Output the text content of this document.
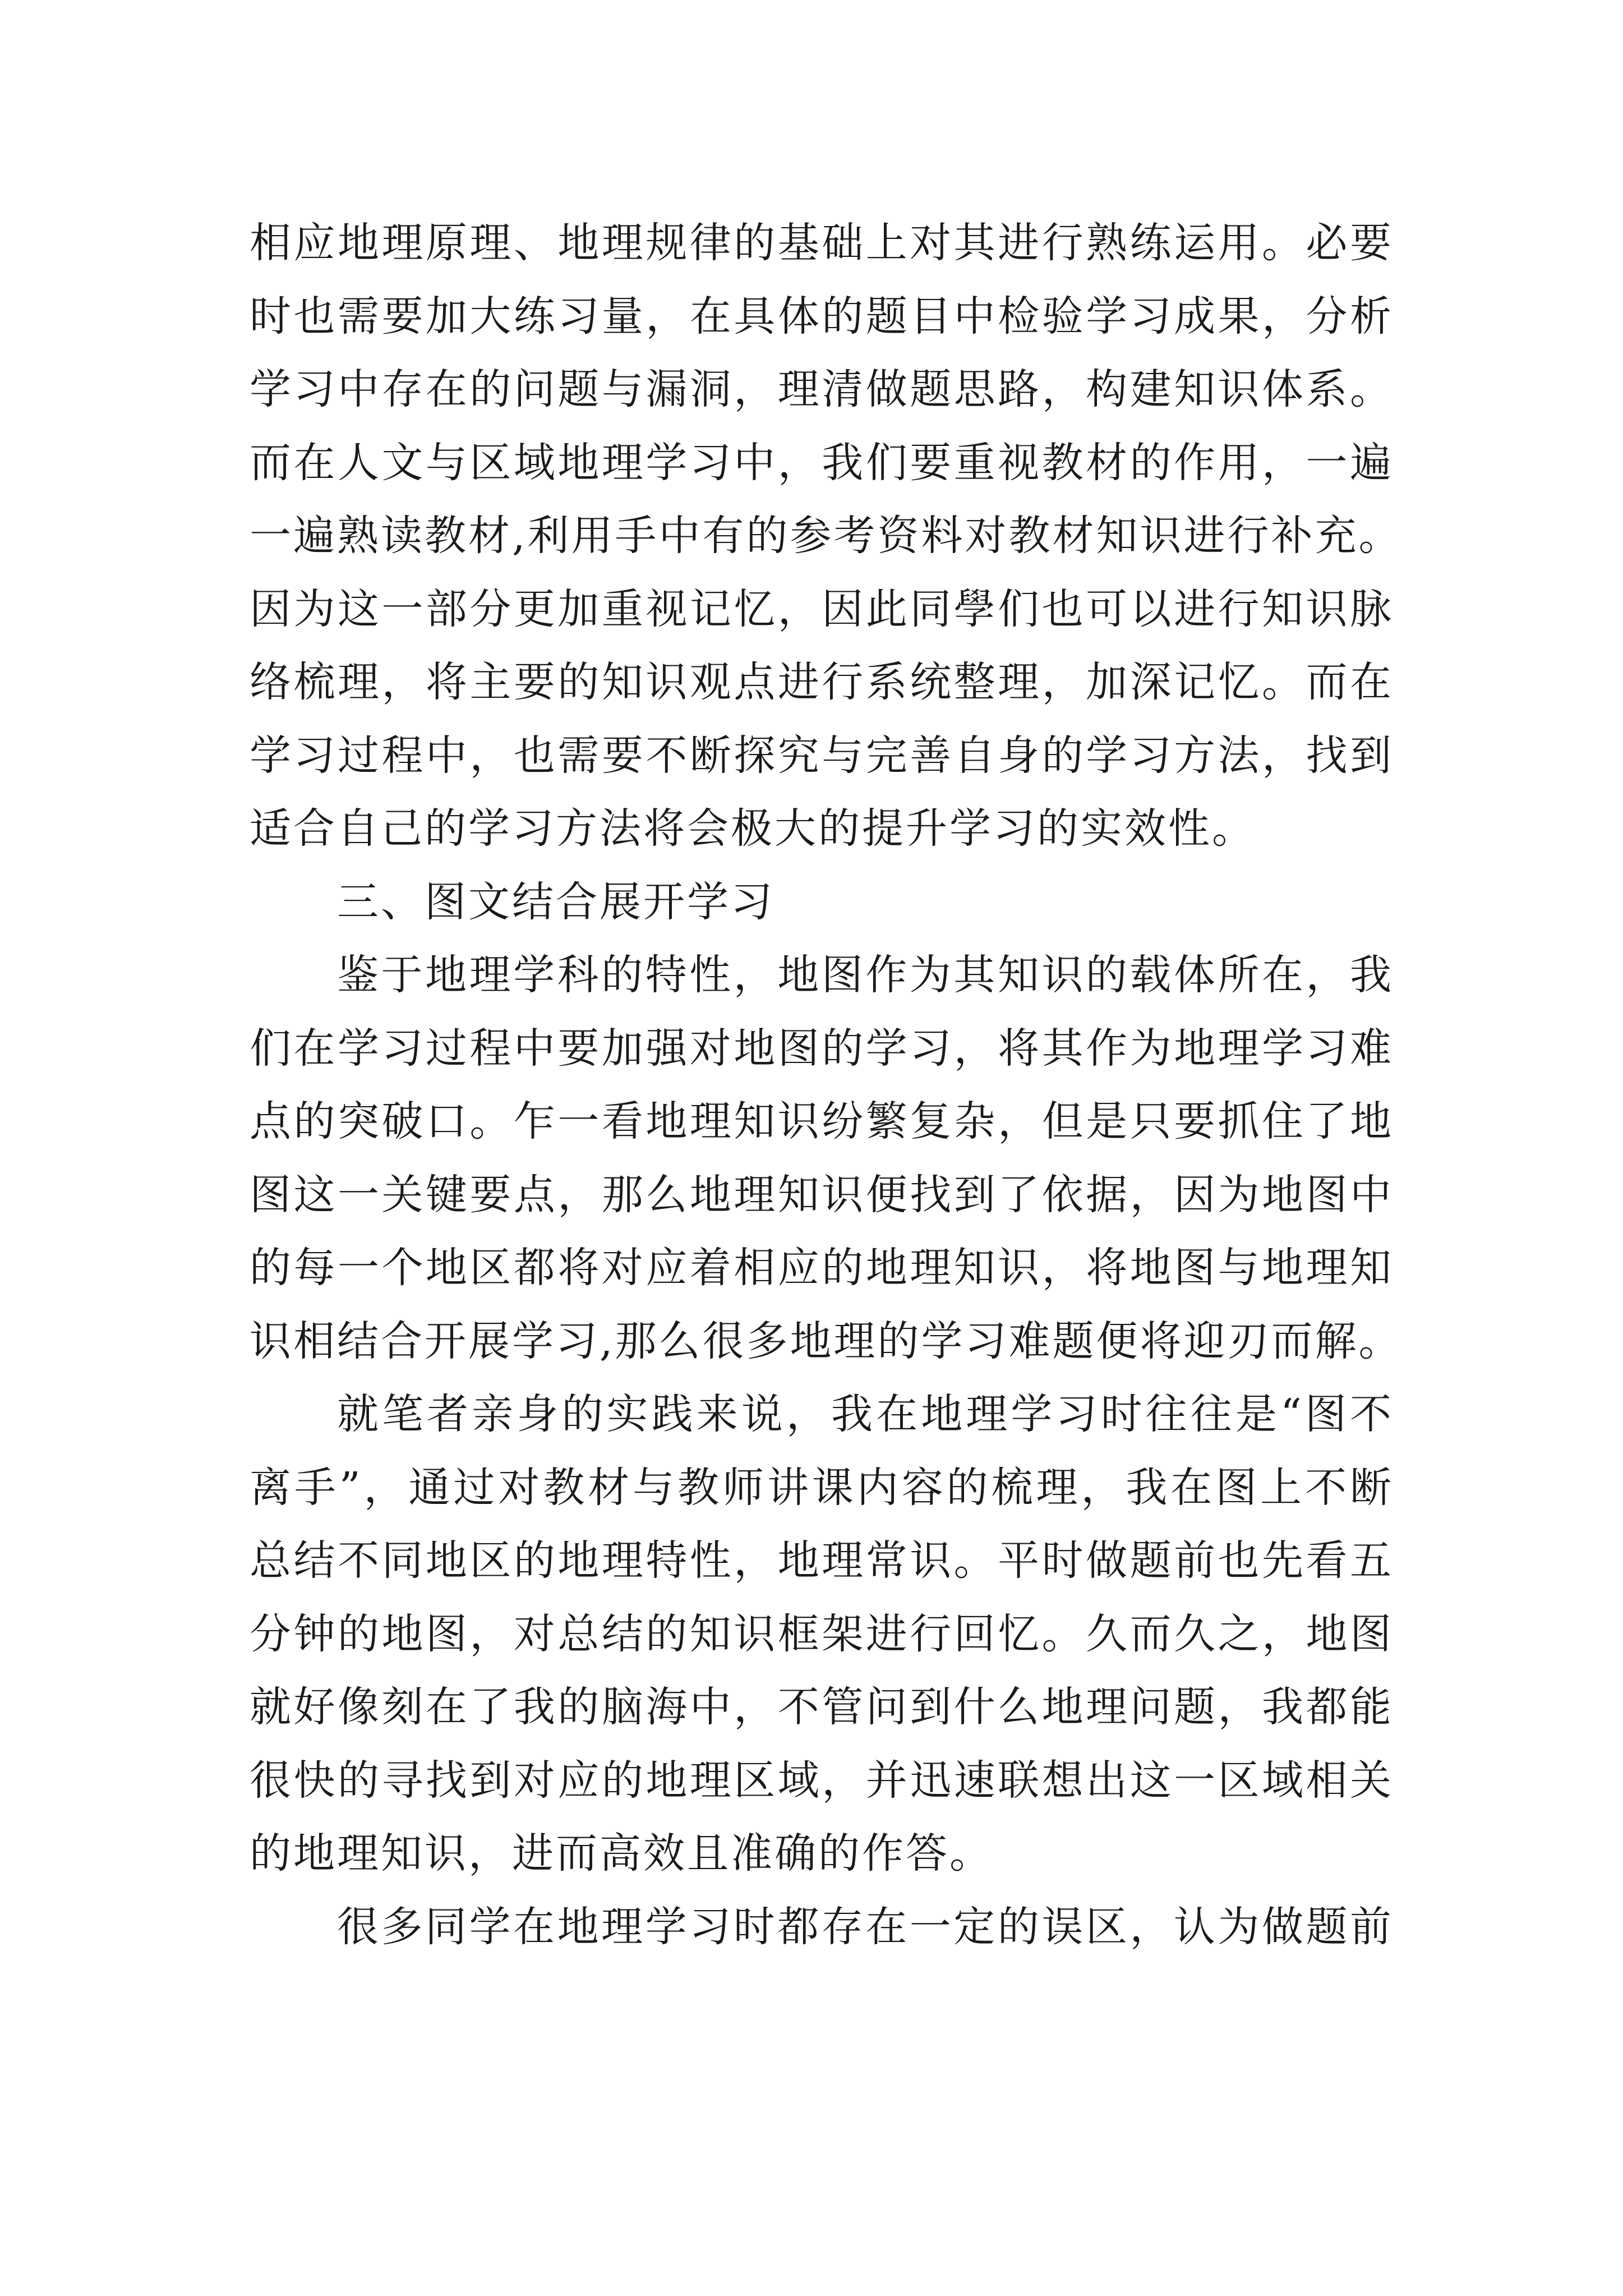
相应地理原理、地理规律的基础上对其进行熟练运用。必要
时也需要加大练习量，在具体的题目中检验学习成果，分析
学习中存在的问题与漏洞，理清做题思路，构建知识体系。
而在人文与区域地理学习中，我们要重视教材的作用，一遍
一遍熟读教材,利用手中有的参考资料对教材知识进行补充。
因为这一部分更加重视记忆，因此同學们也可以进行知识脉
络梳理，将主要的知识观点进行系统整理，加深记忆。而在
学习过程中，也需要不断探究与完善自身的学习方法，找到
适合自己的学习方法将会极大的提升学习的实效性。
三、图文结合展开学习
鉴于地理学科的特性，地图作为其知识的载体所在，我
们在学习过程中要加强对地图的学习，将其作为地理学习难
点的突破口。乍一看地理知识纷繁复杂，但是只要抓住了地
图这一关键要点，那么地理知识便找到了依据，因为地图中
的每一个地区都将对应着相应的地理知识，将地图与地理知
识相结合开展学习,那么很多地理的学习难题便将迎刃而解。
就笔者亲身的实践来说，我在地理学习时往往是“图不
离手”，通过对教材与教师讲课内容的梳理，我在图上不断
总结不同地区的地理特性，地理常识。平时做题前也先看五
分钟的地图，对总结的知识框架进行回忆。久而久之，地图
就好像刻在了我的脑海中，不管问到什么地理问题，我都能
很快的寻找到对应的地理区域，并迅速联想出这一区域相关
的地理知识，进而高效且准确的作答。
很多同学在地理学习时都存在一定的误区，认为做题前
